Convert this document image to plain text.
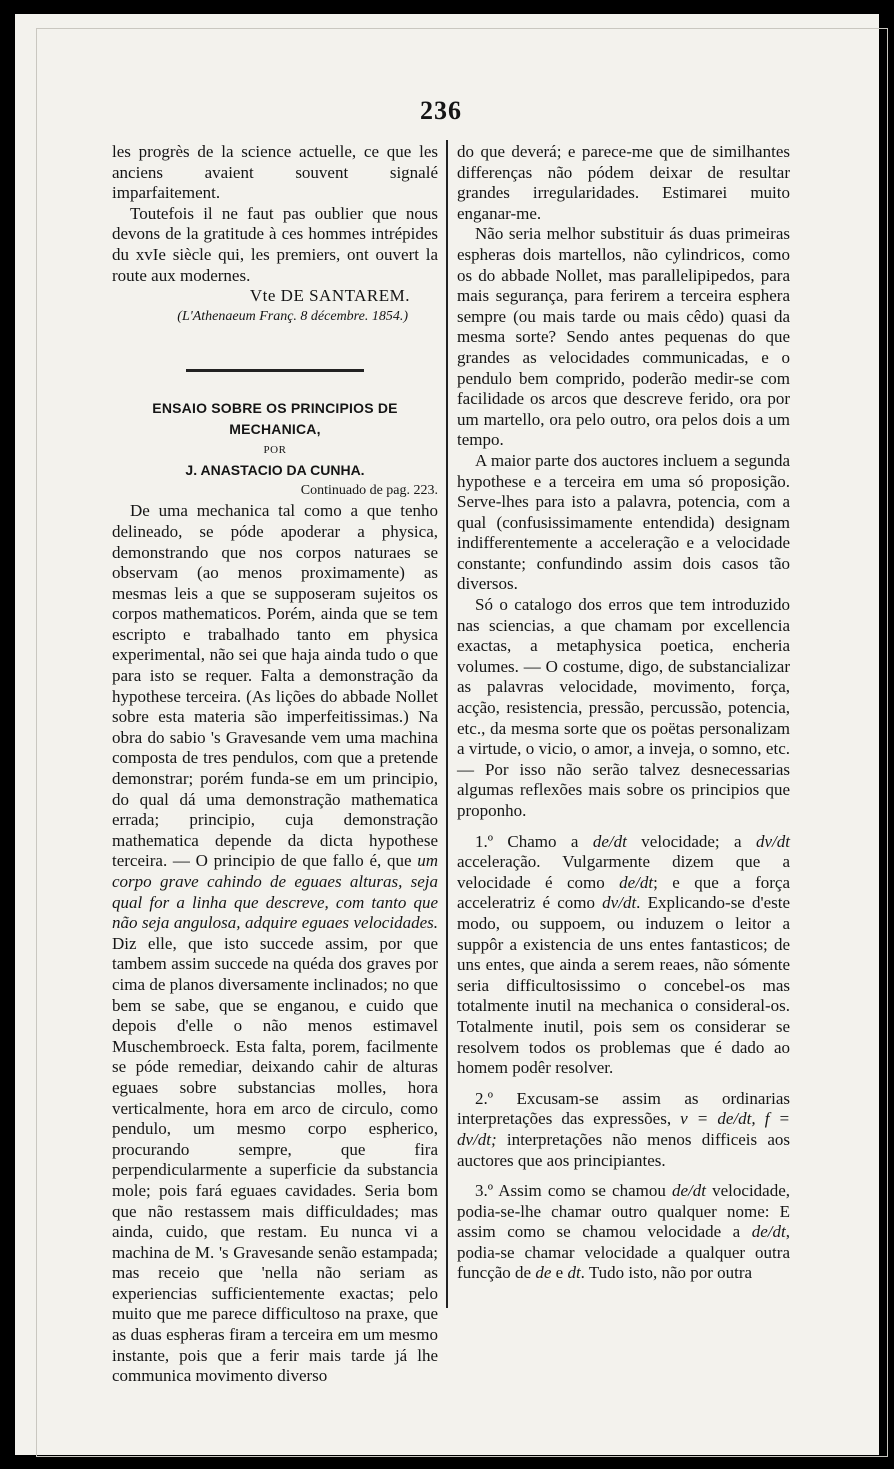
236

les progrès de la science actuelle, ce que les anciens avaient souvent signalé imparfaitement.

Toutefois il ne faut pas oublier que nous devons de la gratitude à ces hommes intrépides du xvIe siècle qui, les premiers, ont ouvert la route aux modernes.

Vte DE SANTAREM.

(L'Athenaeum Franç. 8 décembre. 1854.)

ENSAIO SOBRE OS PRINCIPIOS DE MECHANICA,

POR

J. ANASTACIO DA CUNHA.

Continuado de pag. 223.

De uma mechanica tal como a que tenho delineado, se póde apoderar a physica, demonstrando que nos corpos naturaes se observam (ao menos proximamente) as mesmas leis a que se supposeram sujeitos os corpos mathematicos. Porém, ainda que se tem escripto e trabalhado tanto em physica experimental, não sei que haja ainda tudo o que para isto se requer. Falta a demonstração da hypothese terceira. (As lições do abbade Nollet sobre esta materia são imperfeitissimas.) Na obra do sabio 's Gravesande vem uma machina composta de tres pendulos, com que a pretende demonstrar; porém funda-se em um principio, do qual dá uma demonstração mathematica errada; principio, cuja demonstração mathematica depende da dicta hypothese terceira. — O principio de que fallo é, que um corpo grave cahindo de eguaes alturas, seja qual for a linha que descreve, com tanto que não seja angulosa, adquire eguaes velocidades. Diz elle, que isto succede assim, por que tambem assim succede na quéda dos graves por cima de planos diversamente inclinados; no que bem se sabe, que se enganou, e cuido que depois d'elle o não menos estimavel Muschembroeck. Esta falta, porem, facilmente se póde remediar, deixando cahir de alturas eguaes sobre substancias molles, hora verticalmente, hora em arco de circulo, como pendulo, um mesmo corpo espherico, procurando sempre, que fira perpendicularmente a superficie da substancia mole; pois fará eguaes cavidades. Seria bom que não restassem mais difficuldades; mas ainda, cuido, que restam. Eu nunca vi a machina de M. 's Gravesande senão estampada; mas receio que 'nella não seriam as experiencias sufficientemente exactas; pelo muito que me parece difficultoso na praxe, que as duas espheras firam a terceira em um mesmo instante, pois que a ferir mais tarde já lhe communica movimento diverso

do que deverá; e parece-me que de similhantes differenças não pódem deixar de resultar grandes irregularidades. Estimarei muito enganar-me.

Não seria melhor substituir ás duas primeiras espheras dois martellos, não cylindricos, como os do abbade Nollet, mas parallelipipedos, para mais segurança, para ferirem a terceira esphera sempre (ou mais tarde ou mais cêdo) quasi da mesma sorte? Sendo antes pequenas do que grandes as velocidades communicadas, e o pendulo bem comprido, poderão medir-se com facilidade os arcos que descreve ferido, ora por um martello, ora pelo outro, ora pelos dois a um tempo.

A maior parte dos auctores incluem a segunda hypothese e a terceira em uma só proposição. Serve-lhes para isto a palavra, potencia, com a qual (confusissimamente entendida) designam indifferentemente a acceleração e a velocidade constante; confundindo assim dois casos tão diversos.

Só o catalogo dos erros que tem introduzido nas sciencias, a que chamam por excellencia exactas, a metaphysica poetica, encheria volumes. — O costume, digo, de substancializar as palavras velocidade, movimento, força, acção, resistencia, pressão, percussão, potencia, etc., da mesma sorte que os poëtas personalizam a virtude, o vicio, o amor, a inveja, o somno, etc. — Por isso não serão talvez desnecessarias algumas reflexões mais sobre os principios que proponho.

1.º Chamo a de/dt velocidade; a dv/dt acceleração. Vulgarmente dizem que a velocidade é como de/dt; e que a força acceleratriz é como dv/dt. Explicando-se d'este modo, ou suppoem, ou induzem o leitor a suppôr a existencia de uns entes fantasticos; de uns entes, que ainda a serem reaes, não sómente seria difficultosissimo o concebel-os mas totalmente inutil na mechanica o consideral-os. Totalmente inutil, pois sem os considerar se resolvem todos os problemas que é dado ao homem podêr resolver.

2.º Excusam-se assim as ordinarias interpretações das expressões, v = de/dt, f = dv/dt; interpretações não menos difficeis aos auctores que aos principiantes.

3.º Assim como se chamou de/dt velocidade, podia-se-lhe chamar outro qualquer nome: E assim como se chamou velocidade a de/dt, podia-se chamar velocidade a qualquer outra funcção de de e dt. Tudo isto, não por outra
